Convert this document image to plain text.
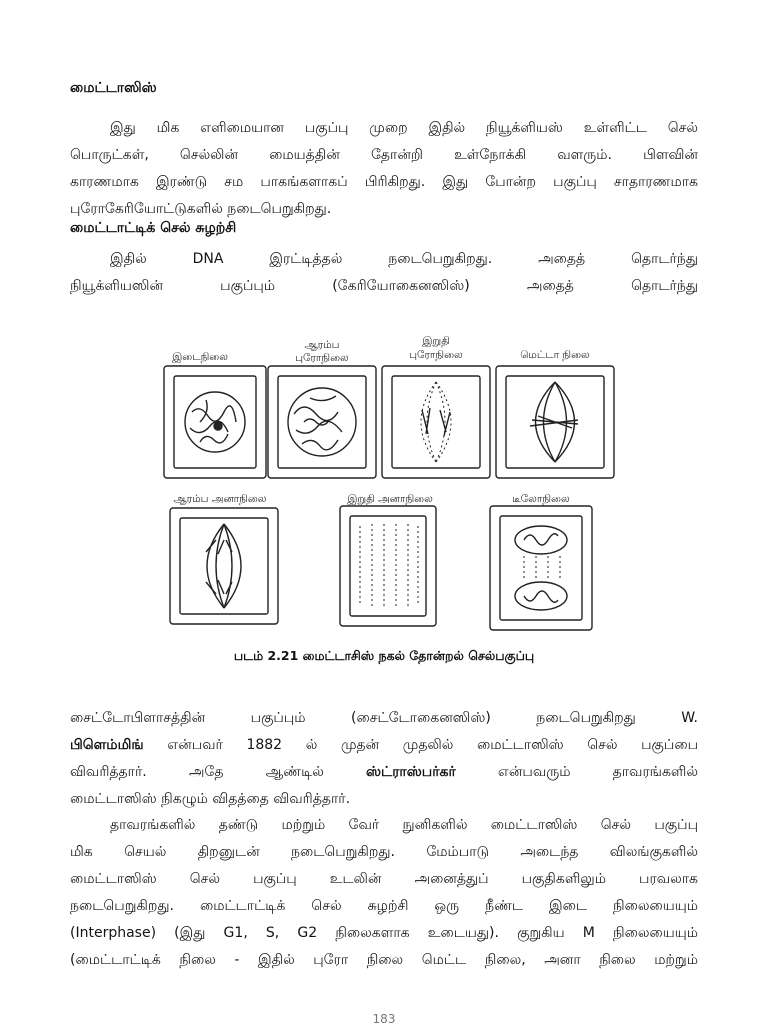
மைட்டாஸிஸ்
இது மிக எளிமையான பகுப்பு முறை இதில் நியூக்ளியஸ் உள்ளிட்ட செல்
பொருட்கள், செல்லின் மையத்தின் தோன்றி உள்நோக்கி வளரும். பிளவின்
காரணமாக இரண்டு சம பாகங்களாகப் பிரிகிறது. இது போன்ற பகுப்பு சாதாரணமாக
புரோகேரியோட்டுகளில் நடைபெறுகிறது.
மைட்டாட்டிக் செல் சுழற்சி
இதில் DNA இரட்டித்தல் நடைபெறுகிறது. அதைத் தொடர்ந்து
நியூக்ளியஸின் பகுப்பும் (கேரியோகைனஸிஸ்) அதைத் தொடர்ந்து
இடைநிலை
ஆரம்ப
புரோநிலை
இறுதி
புரோநிலை	மெட்டா நிலை
ஆரம்ப அனாநிலை	இறுதி அனாநிலை	டீலோநிலை
படம் 2.21 மைட்டாசிஸ் நகல் தோன்றல் செல்பகுப்பு
சைட்டோபிளாசத்தின் பகுப்பும் (சைட்டோகைனஸிஸ்) நடைபெறுகிறது W.
பிளெம்மிங் என்பவர் 1882 ல் முதன் முதலில் மைட்டாஸிஸ் செல் பகுப்பை
விவரித்தார். அதே ஆண்டில் ஸ்ட்ராஸ்பர்கர் என்பவரும் தாவரங்களில்
மைட்டாஸிஸ் நிகழும் விதத்தை விவரித்தார்.
தாவரங்களில் தண்டு மற்றும் வேர் நுனிகளில் மைட்டாஸிஸ் செல் பகுப்பு
மிக செயல் திறனுடன் நடைபெறுகிறது. மேம்பாடு அடைந்த விலங்குகளில்
மைட்டாஸிஸ் செல் பகுப்பு உடலின் அனைத்துப் பகுதிகளிலும் பரவலாக
நடைபெறுகிறது. மைட்டாட்டிக் செல் சுழற்சி ஒரு நீண்ட இடை நிலையையும்
(Interphase) (இது G1, S, G2 நிலைகளாக உடையது). குறுகிய M நிலையையும்
(மைட்டாட்டிக் நிலை - இதில் புரோ நிலை மெட்ட நிலை, அனா நிலை மற்றும்
183
